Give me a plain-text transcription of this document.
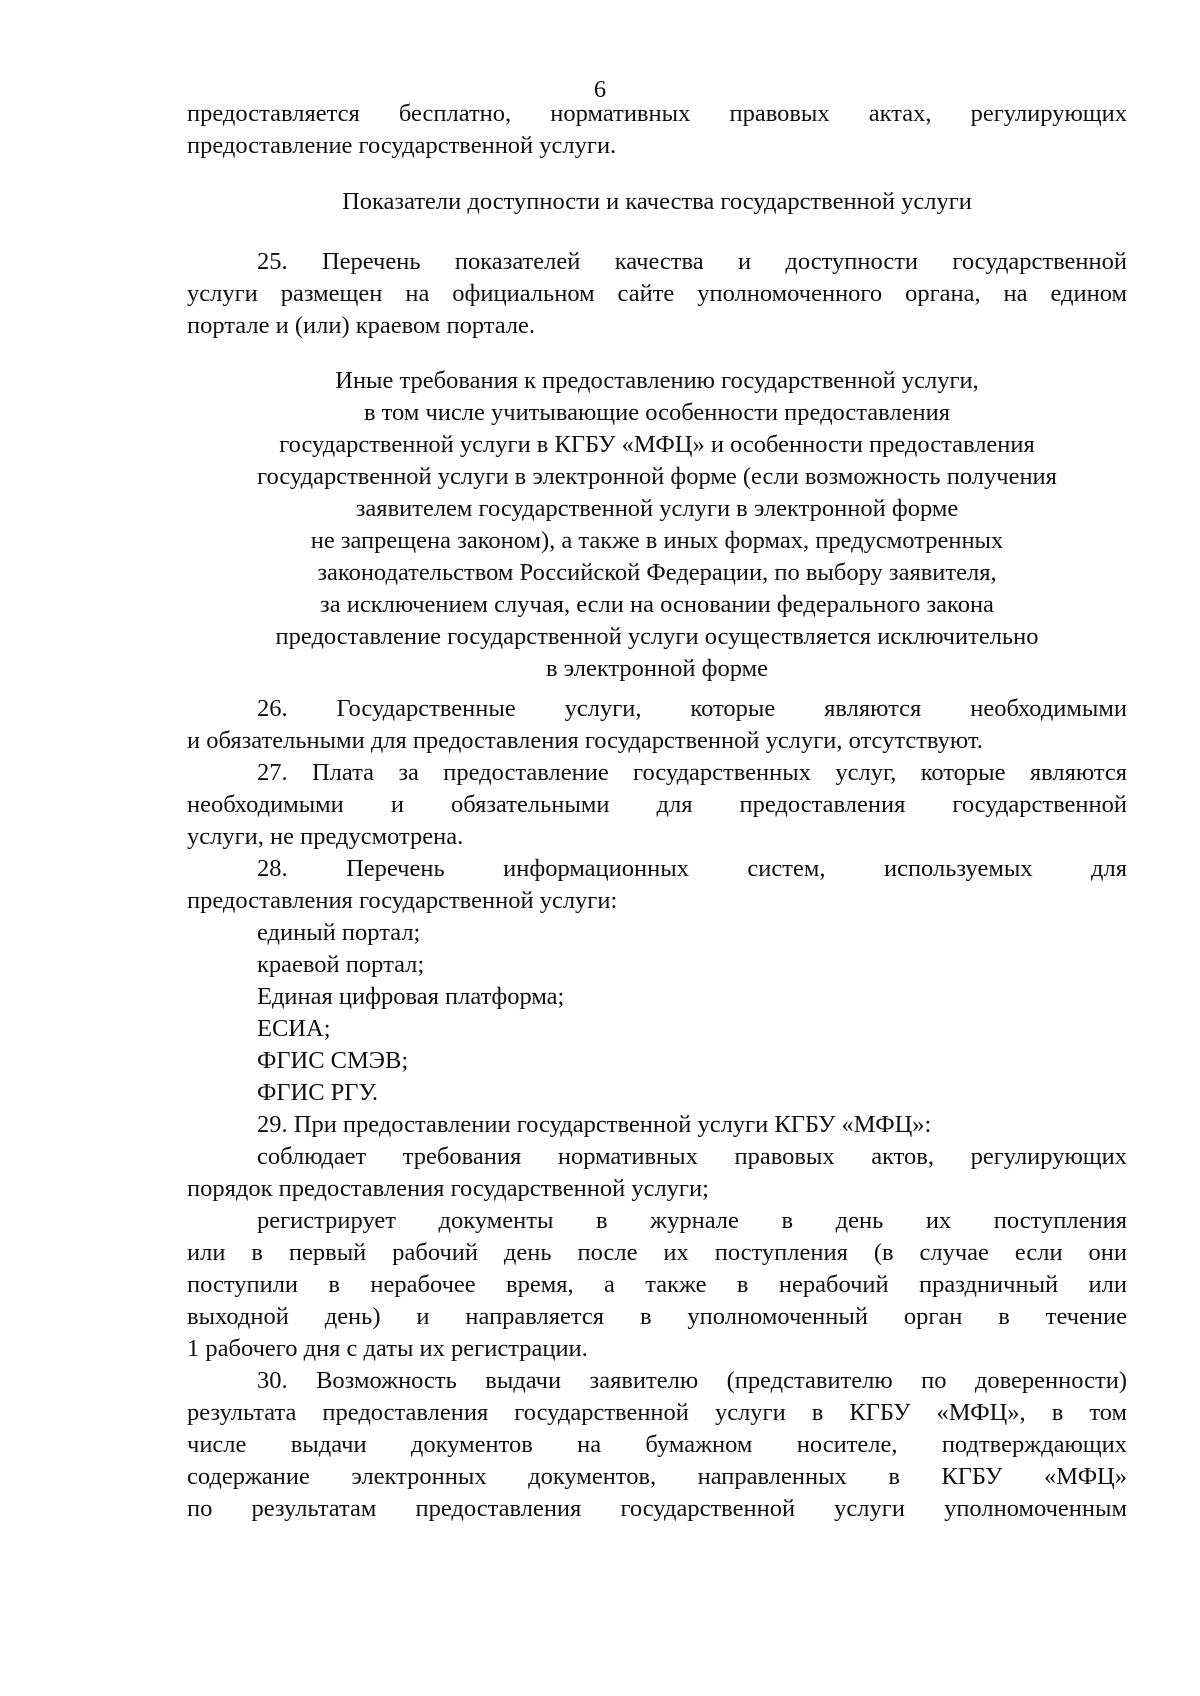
6
предоставляется бесплатно, нормативных правовых актах, регулирующих
предоставление государственной услуги.
Показатели доступности и качества государственной услуги
25. Перечень показателей качества и доступности государственной
услуги размещен на официальном сайте уполномоченного органа, на едином
портале и (или) краевом портале.
Иные требования к предоставлению государственной услуги,
в том числе учитывающие особенности предоставления
государственной услуги в КГБУ «МФЦ» и особенности предоставления
государственной услуги в электронной форме (если возможность получения
заявителем государственной услуги в электронной форме
не запрещена законом), а также в иных формах, предусмотренных
законодательством Российской Федерации, по выбору заявителя,
за исключением случая, если на основании федерального закона
предоставление государственной услуги осуществляется исключительно
в электронной форме
26. Государственные услуги, которые являются необходимыми
и обязательными для предоставления государственной услуги, отсутствуют.
27. Плата за предоставление государственных услуг, которые являются
необходимыми и обязательными для предоставления государственной
услуги, не предусмотрена.
28. Перечень информационных систем, используемых для
предоставления государственной услуги:
единый портал;
краевой портал;
Единая цифровая платформа;
ЕСИА;
ФГИС СМЭВ;
ФГИС РГУ.
29. При предоставлении государственной услуги КГБУ «МФЦ»:
соблюдает требования нормативных правовых актов, регулирующих
порядок предоставления государственной услуги;
регистрирует документы в журнале в день их поступления
или в первый рабочий день после их поступления (в случае если они
поступили в нерабочее время, а также в нерабочий праздничный или
выходной день) и направляется в уполномоченный орган в течение
1 рабочего дня с даты их регистрации.
30. Возможность выдачи заявителю (представителю по доверенности)
результата предоставления государственной услуги в КГБУ «МФЦ», в том
числе выдачи документов на бумажном носителе, подтверждающих
содержание электронных документов, направленных в КГБУ «МФЦ»
по результатам предоставления государственной услуги уполномоченным
